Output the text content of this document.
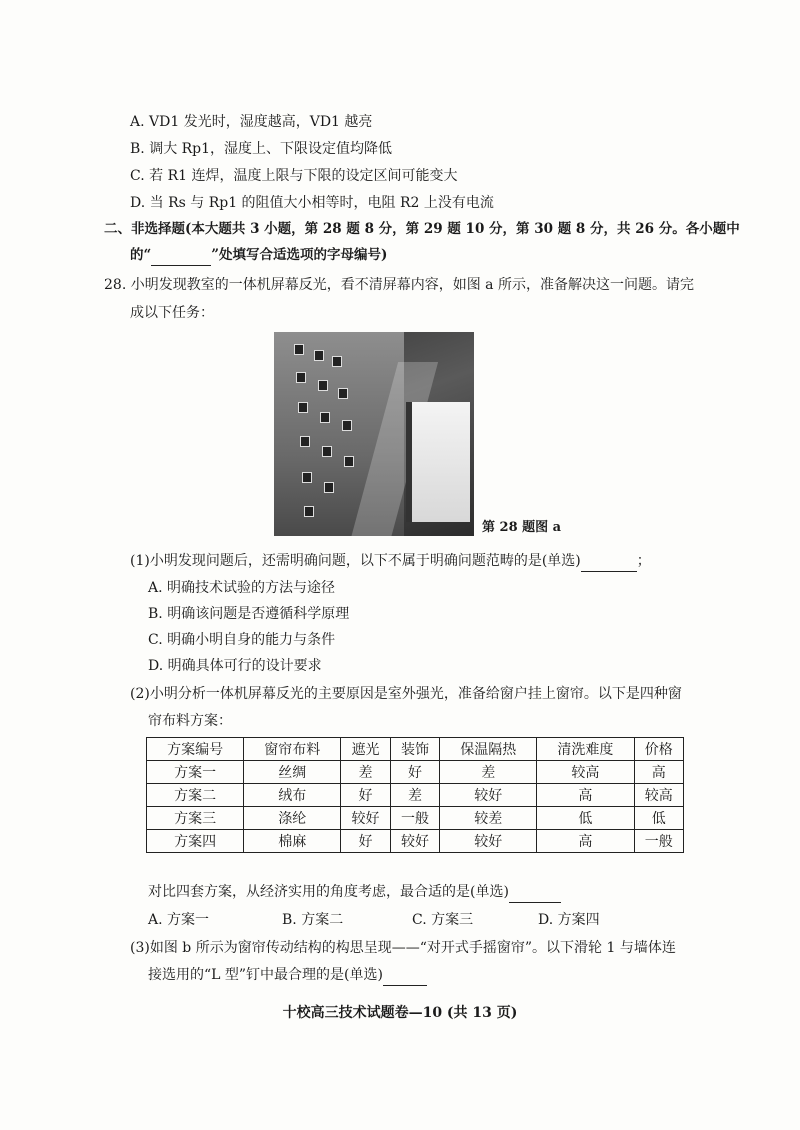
A. VD1 发光时，湿度越高，VD1 越亮
B. 调大 Rp1，湿度上、下限设定值均降低
C. 若 R1 连焊，温度上限与下限的设定区间可能变大
D. 当 Rs 与 Rp1 的阻值大小相等时，电阻 R2 上没有电流
二、非选择题(本大题共 3 小题，第 28 题 8 分，第 29 题 10 分，第 30 题 8 分，共 26 分。各小题中
的“	”处填写合适选项的字母编号)
28. 小明发现教室的一体机屏幕反光，看不清屏幕内容，如图 a 所示，准备解决这一问题。请完
成以下任务：
第 28 题图 a
(1)小明发现问题后，还需明确问题，以下不属于明确问题范畴的是(单选)	；
A. 明确技术试验的方法与途径
B. 明确该问题是否遵循科学原理
C. 明确小明自身的能力与条件
D. 明确具体可行的设计要求
(2)小明分析一体机屏幕反光的主要原因是室外强光，准备给窗户挂上窗帘。以下是四种窗
帘布料方案：
方案编号	窗帘布料	遮光	装饰	保温隔热	清洗难度	价格
方案一	丝绸	差	好	差	较高	高
方案二	绒布	好	差	较好	高	较高
方案三	涤纶	较好	一般	较差	低	低
方案四	棉麻	好	较好	较好	高	一般
对比四套方案，从经济实用的角度考虑，最合适的是(单选)
A. 方案一	B. 方案二	C. 方案三	D. 方案四
(3)如图 b 所示为窗帘传动结构的构思呈现——“对开式手摇窗帘”。以下滑轮 1 与墙体连
接选用的“L 型”钉中最合理的是(单选)
十校高三技术试题卷—10 (共 13 页)
